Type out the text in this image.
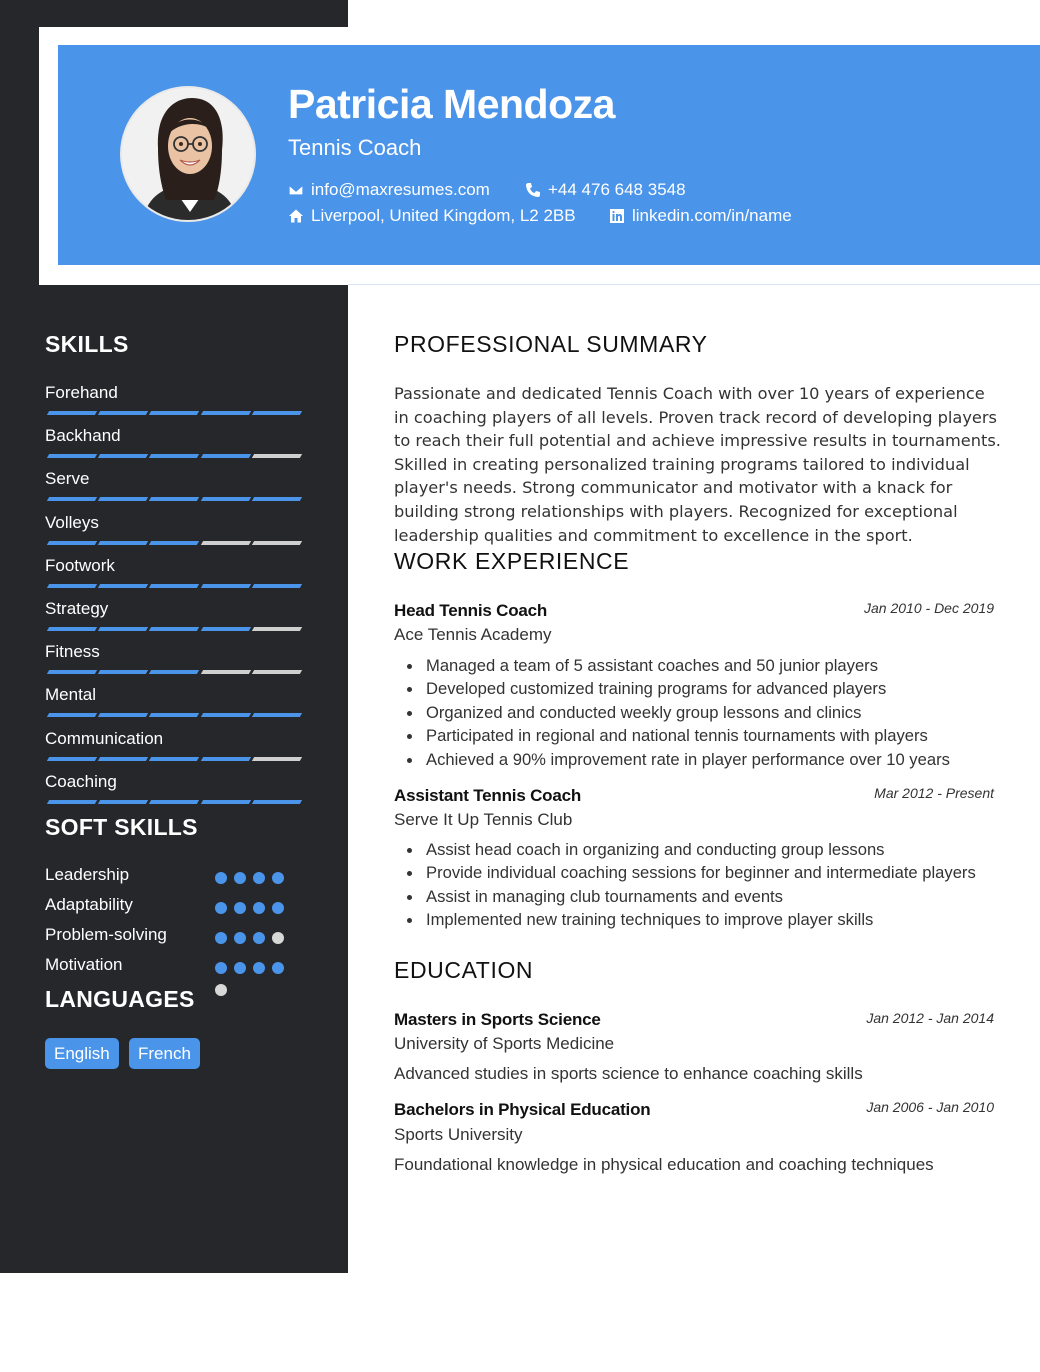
Patricia Mendoza
Tennis Coach
info@maxresumes.com	+44 476 648 3548
Liverpool, United Kingdom, L2 2BB	linkedin.com/in/name
SKILLS
Forehand
Backhand
Serve
Volleys
Footwork
Strategy
Fitness
Mental
Communication
Coaching
SOFT SKILLS
Leadership
Adaptability
Problem-solving
Motivation
LANGUAGES
English	French
PROFESSIONAL SUMMARY
Passionate and dedicated Tennis Coach with over 10 years of experience in coaching players of all levels. Proven track record of developing players to reach their full potential and achieve impressive results in tournaments. Skilled in creating personalized training programs tailored to individual player's needs. Strong communicator and motivator with a knack for building strong relationships with players. Recognized for exceptional leadership qualities and commitment to excellence in the sport.
WORK EXPERIENCE
Head Tennis Coach	Jan 2010 - Dec 2019
Ace Tennis Academy
Managed a team of 5 assistant coaches and 50 junior players
Developed customized training programs for advanced players
Organized and conducted weekly group lessons and clinics
Participated in regional and national tennis tournaments with players
Achieved a 90% improvement rate in player performance over 10 years
Assistant Tennis Coach	Mar 2012 - Present
Serve It Up Tennis Club
Assist head coach in organizing and conducting group lessons
Provide individual coaching sessions for beginner and intermediate players
Assist in managing club tournaments and events
Implemented new training techniques to improve player skills
EDUCATION
Masters in Sports Science	Jan 2012 - Jan 2014
University of Sports Medicine
Advanced studies in sports science to enhance coaching skills
Bachelors in Physical Education	Jan 2006 - Jan 2010
Sports University
Foundational knowledge in physical education and coaching techniques
